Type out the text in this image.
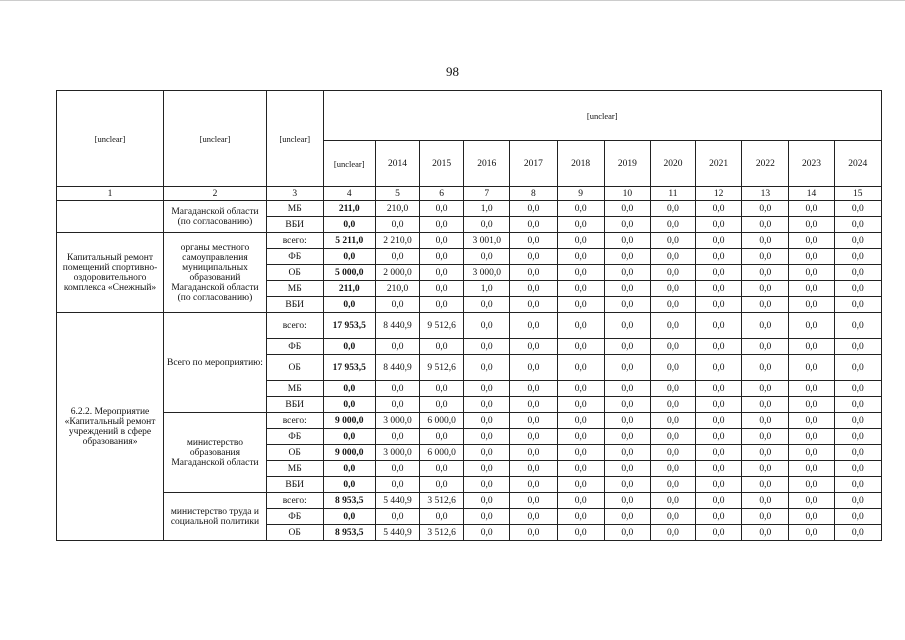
98
[unclear]	[unclear]	[unclear]	[unclear]											
			[unclear]	2014	2015	2016	2017	2018	2019	2020	2021	2022	2023	2024
1	2	3	4	5	6	7	8	9	10	11	12	13	14	15
	Магаданской области (по согласованию)	МБ	211,0	210,0	0,0	1,0	0,0	0,0	0,0	0,0	0,0	0,0	0,0	0,0
		ВБИ	0,0	0,0	0,0	0,0	0,0	0,0	0,0	0,0	0,0	0,0	0,0	0,0
Капитальный ремонт помещений спортивно-оздоровительного комплекса «Снежный»	органы местного самоуправления муниципальных образований Магаданской области (по согласованию)	всего:	5 211,0	2 210,0	0,0	3 001,0	0,0	0,0	0,0	0,0	0,0	0,0	0,0	0,0
		ФБ	0,0	0,0	0,0	0,0	0,0	0,0	0,0	0,0	0,0	0,0	0,0	0,0
		ОБ	5 000,0	2 000,0	0,0	3 000,0	0,0	0,0	0,0	0,0	0,0	0,0	0,0	0,0
		МБ	211,0	210,0	0,0	1,0	0,0	0,0	0,0	0,0	0,0	0,0	0,0	0,0
		ВБИ	0,0	0,0	0,0	0,0	0,0	0,0	0,0	0,0	0,0	0,0	0,0	0,0
6.2.2. Мероприятие «Капитальный ремонт учреждений в сфере образования»	Всего по мероприятию:	всего:	17 953,5	8 440,9	9 512,6	0,0	0,0	0,0	0,0	0,0	0,0	0,0	0,0	0,0
		ФБ	0,0	0,0	0,0	0,0	0,0	0,0	0,0	0,0	0,0	0,0	0,0	0,0
		ОБ	17 953,5	8 440,9	9 512,6	0,0	0,0	0,0	0,0	0,0	0,0	0,0	0,0	0,0
		МБ	0,0	0,0	0,0	0,0	0,0	0,0	0,0	0,0	0,0	0,0	0,0	0,0
		ВБИ	0,0	0,0	0,0	0,0	0,0	0,0	0,0	0,0	0,0	0,0	0,0	0,0
	министерство образования Магаданской области	всего:	9 000,0	3 000,0	6 000,0	0,0	0,0	0,0	0,0	0,0	0,0	0,0	0,0	0,0
		ФБ	0,0	0,0	0,0	0,0	0,0	0,0	0,0	0,0	0,0	0,0	0,0	0,0
		ОБ	9 000,0	3 000,0	6 000,0	0,0	0,0	0,0	0,0	0,0	0,0	0,0	0,0	0,0
		МБ	0,0	0,0	0,0	0,0	0,0	0,0	0,0	0,0	0,0	0,0	0,0	0,0
		ВБИ	0,0	0,0	0,0	0,0	0,0	0,0	0,0	0,0	0,0	0,0	0,0	0,0
	министерство труда и социальной политики	всего:	8 953,5	5 440,9	3 512,6	0,0	0,0	0,0	0,0	0,0	0,0	0,0	0,0	0,0
		ФБ	0,0	0,0	0,0	0,0	0,0	0,0	0,0	0,0	0,0	0,0	0,0	0,0
		ОБ	8 953,5	5 440,9	3 512,6	0,0	0,0	0,0	0,0	0,0	0,0	0,0	0,0	0,0
